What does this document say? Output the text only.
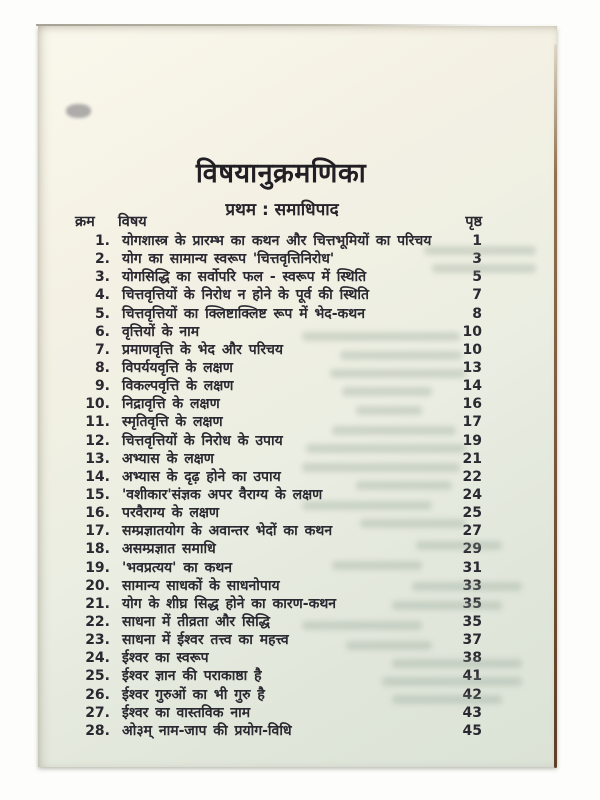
विषयानुक्रमणिका
प्रथम : समाधिपाद
क्रम विषय	पृष्ठ
1. योगशास्त्र के प्रारम्भ का कथन और चित्तभूमियों का परिचय	1
2. योग का सामान्य स्वरूप 'चित्तवृत्तिनिरोध'	3
3. योगसिद्धि का सर्वोपरि फल - स्वरूप में स्थिति	5
4. चित्तवृत्तियों के निरोध न होने के पूर्व की स्थिति	7
5. चित्तवृत्तियों का क्लिष्टाक्लिष्ट रूप में भेद-कथन	8
6. वृत्तियों के नाम	10
7. प्रमाणवृत्ति के भेद और परिचय	10
8. विपर्ययवृत्ति के लक्षण	13
9. विकल्पवृत्ति के लक्षण	14
10. निद्रावृत्ति के लक्षण	16
11. स्मृतिवृत्ति के लक्षण	17
12. चित्तवृत्तियों के निरोध के उपाय	19
13. अभ्यास के लक्षण	21
14. अभ्यास के दृढ़ होने का उपाय	22
15. 'वशीकार'संज्ञक अपर वैराग्य के लक्षण	24
16. परवैराग्य के लक्षण	25
17. सम्प्रज्ञातयोग के अवान्तर भेदों का कथन	27
18. असम्प्रज्ञात समाधि	29
19. 'भवप्रत्यय' का कथन	31
20. सामान्य साधकों के साधनोपाय	33
21. योग के शीघ्र सिद्ध होने का कारण-कथन	35
22. साधना में तीव्रता और सिद्धि	35
23. साधना में ईश्वर तत्त्व का महत्त्व	37
24. ईश्वर का स्वरूप	38
25. ईश्वर ज्ञान की पराकाष्ठा है	41
26. ईश्वर गुरुओं का भी गुरु है	42
27. ईश्वर का वास्तविक नाम	43
28. ओ३म् नाम-जाप की प्रयोग-विधि	45
